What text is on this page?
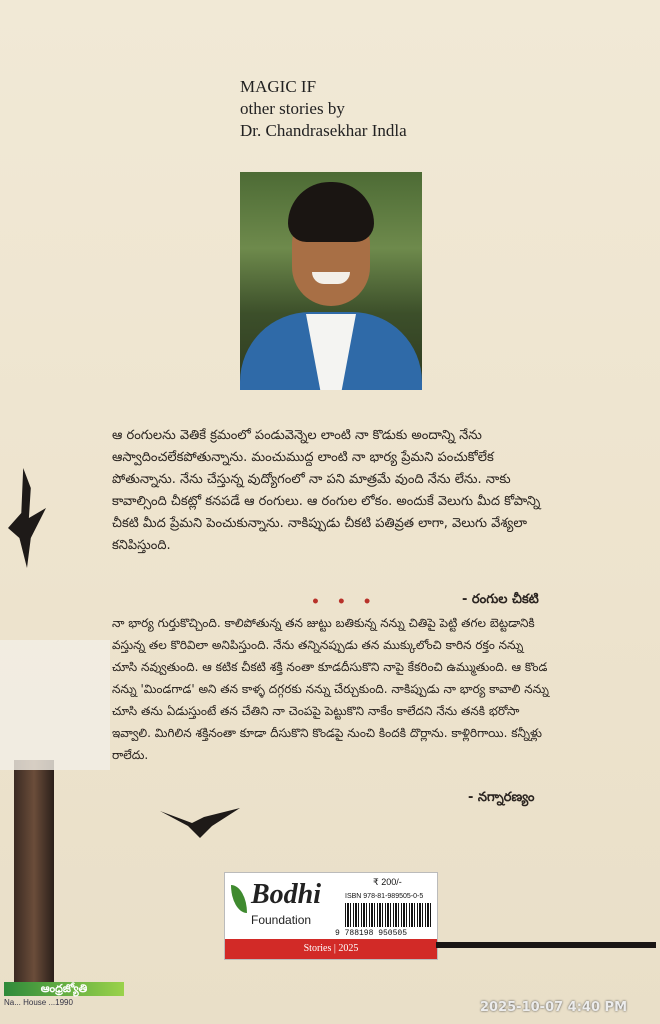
MAGIC IF
other stories by
Dr. Chandrasekhar Indla
ఆ రంగులను వెతికే క్రమంలో పండువెన్నెల లాంటి నా కొడుకు అందాన్ని నేను ఆస్వాదించలేకపోతున్నాను. మంచుముద్ద లాంటి నా భార్య ప్రేమని పంచుకోలేక పోతున్నాను. నేను చేస్తున్న వుద్యోగంలో నా పని మాత్రమే వుంది నేను లేను. నాకు కావాల్సింది చీకట్లో కనపడే ఆ రంగులు. ఆ రంగుల లోకం. అందుకే వెలుగు మీద కోపాన్ని చీకటి మీద ప్రేమని పెంచుకున్నాను. నాకిప్పుడు చీకటి పతివ్రత లాగా, వెలుగు వేశ్యలా కనిపిస్తుంది.
- రంగుల చీకటి
• • •
నా భార్య గుర్తుకొచ్చింది. కాలిపోతున్న తన జుట్టు బతికున్న నన్ను చితిపై పెట్టి తగల బెట్టడానికి వస్తున్న తల కొరివిలా అనిపిస్తుంది. నేను తన్నినప్పుడు తన ముక్కులోంచి కారిన రక్తం నన్ను చూసి నవ్వుతుంది. ఆ కటిక చీకటి శక్తి నంతా కూడదీసుకొని నాపై కేకరించి ఉమ్ముతుంది. ఆ కొండ నన్ను 'మిండగాడ' అని తన కాళ్ళ దగ్గరకు నన్ను చేర్చుకుంది. నాకిప్పుడు నా భార్య కావాలి నన్ను చూసి తను ఏడుస్తుంటే తన చేతిని నా చెంపపై పెట్టుకొని నాకేం కాలేదని నేను తనకి భరోసా ఇవ్వాలి. మిగిలిన శక్తినంతా కూడా దీసుకొని కొండపై నుంచి కిందకి దొర్లాను. కాళ్లిరిగాయి. కన్నీళ్లు రాలేదు.
- నగ్నారణ్యం
Bodhi
Foundation
₹ 200/-
ISBN 978-81-989505-0-5
9 788198 950505
Stories | 2025
ఆంధ్రజ్యోతి
Na... House ...1990	2025-10-07 4:40 PM
